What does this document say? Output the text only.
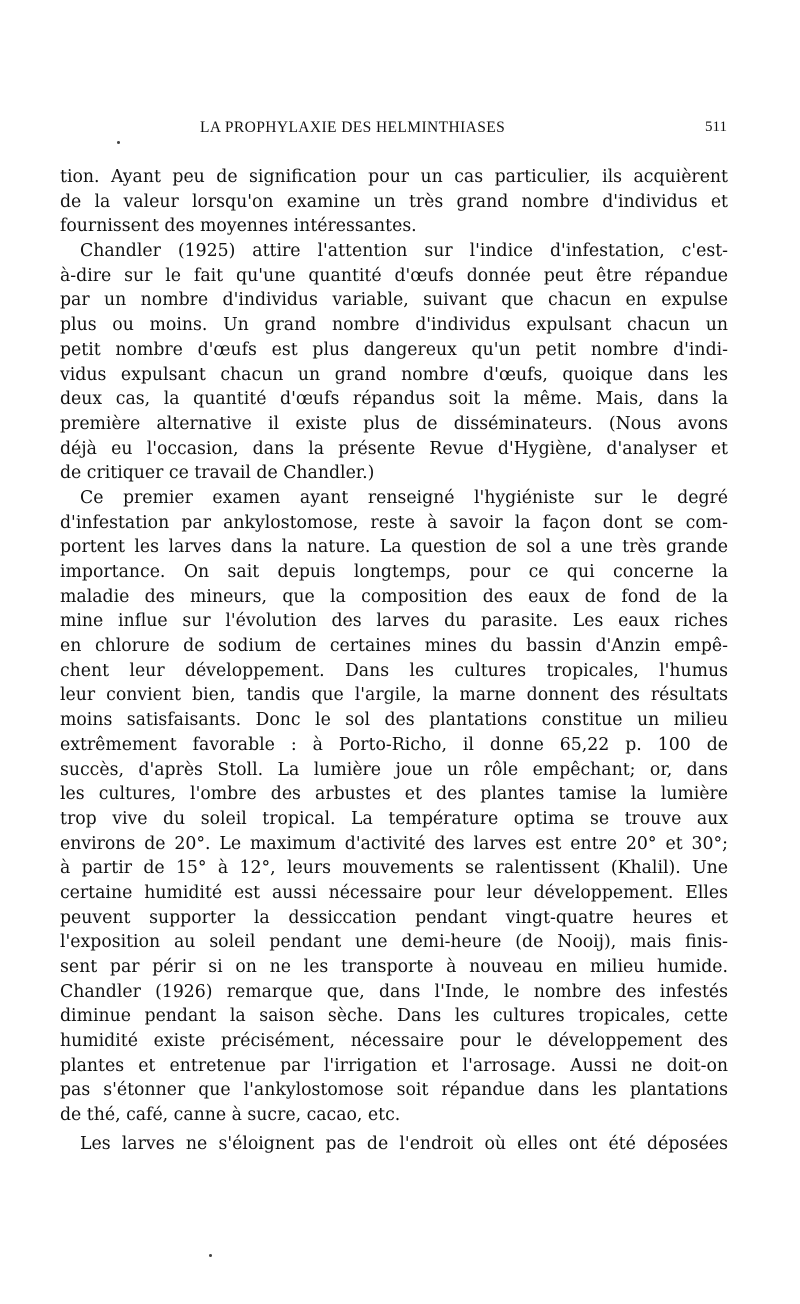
LA PROPHYLAXIE DES HELMINTHIASES	511
tion. Ayant peu de signification pour un cas particulier, ils acquièrent
de la valeur lorsqu'on examine un très grand nombre d'individus et
fournissent des moyennes intéressantes.
Chandler (1925) attire l'attention sur l'indice d'infestation, c'est-
à-dire sur le fait qu'une quantité d'œufs donnée peut être répandue
par un nombre d'individus variable, suivant que chacun en expulse
plus ou moins. Un grand nombre d'individus expulsant chacun un
petit nombre d'œufs est plus dangereux qu'un petit nombre d'indi-
vidus expulsant chacun un grand nombre d'œufs, quoique dans les
deux cas, la quantité d'œufs répandus soit la même. Mais, dans la
première alternative il existe plus de disséminateurs. (Nous avons
déjà eu l'occasion, dans la présente Revue d'Hygiène, d'analyser et
de critiquer ce travail de Chandler.)
Ce premier examen ayant renseigné l'hygiéniste sur le degré
d'infestation par ankylostomose, reste à savoir la façon dont se com-
portent les larves dans la nature. La question de sol a une très grande
importance. On sait depuis longtemps, pour ce qui concerne la
maladie des mineurs, que la composition des eaux de fond de la
mine influe sur l'évolution des larves du parasite. Les eaux riches
en chlorure de sodium de certaines mines du bassin d'Anzin empê-
chent leur développement. Dans les cultures tropicales, l'humus
leur convient bien, tandis que l'argile, la marne donnent des résultats
moins satisfaisants. Donc le sol des plantations constitue un milieu
extrêmement favorable : à Porto-Richo, il donne 65,22 p. 100 de
succès, d'après Stoll. La lumière joue un rôle empêchant; or, dans
les cultures, l'ombre des arbustes et des plantes tamise la lumière
trop vive du soleil tropical. La température optima se trouve aux
environs de 20°. Le maximum d'activité des larves est entre 20° et 30°;
à partir de 15° à 12°, leurs mouvements se ralentissent (Khalil). Une
certaine humidité est aussi nécessaire pour leur développement. Elles
peuvent supporter la dessiccation pendant vingt-quatre heures et
l'exposition au soleil pendant une demi-heure (de Nooij), mais finis-
sent par périr si on ne les transporte à nouveau en milieu humide.
Chandler (1926) remarque que, dans l'Inde, le nombre des infestés
diminue pendant la saison sèche. Dans les cultures tropicales, cette
humidité existe précisément, nécessaire pour le développement des
plantes et entretenue par l'irrigation et l'arrosage. Aussi ne doit-on
pas s'étonner que l'ankylostomose soit répandue dans les plantations
de thé, café, canne à sucre, cacao, etc.
Les larves ne s'éloignent pas de l'endroit où elles ont été déposées
